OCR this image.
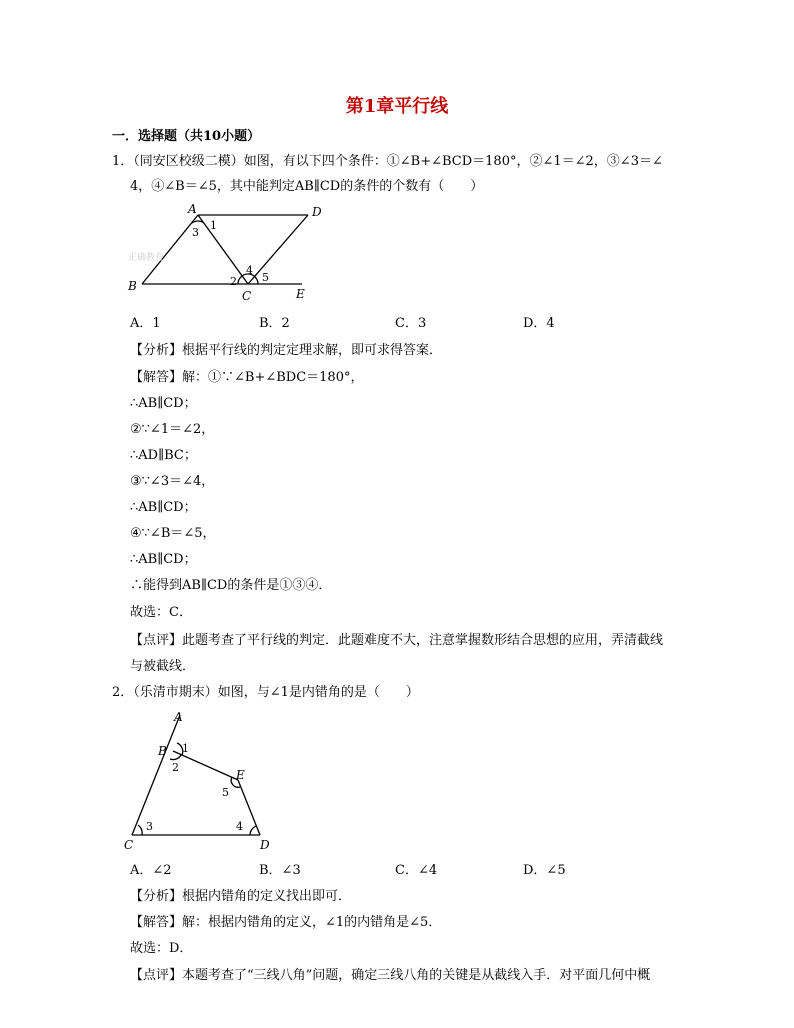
第1章平行线
一．选择题（共10小题）
1．（同安区校级二模）如图，有以下四个条件：①∠B+∠BCD＝180°，②∠1＝∠2，③∠3＝∠
4，④∠B＝∠5，其中能判定AB∥CD的条件的个数有（　　）
正确教育
A
B
C
D
E
1
2
3
4
5
A．1	B．2	C．3	D．4
【分析】根据平行线的判定定理求解，即可求得答案．
【解答】解：①∵∠B+∠BDC＝180°，
∴AB∥CD；
②∵∠1＝∠2，
∴AD∥BC；
③∵∠3＝∠4，
∴AB∥CD；
④∵∠B＝∠5，
∴AB∥CD；
∴能得到AB∥CD的条件是①③④．
故选：C．
【点评】此题考查了平行线的判定．此题难度不大，注意掌握数形结合思想的应用，弄清截线
与被截线．
2．（乐清市期末）如图，与∠1是内错角的是（　　）
A
B
C	D
E
1
2
3	4
5
A．∠2	B．∠3	C．∠4	D．∠5
【分析】根据内错角的定义找出即可．
【解答】解：根据内错角的定义，∠1的内错角是∠5．
故选：D．
【点评】本题考查了“三线八角”问题，确定三线八角的关键是从截线入手．对平面几何中概
